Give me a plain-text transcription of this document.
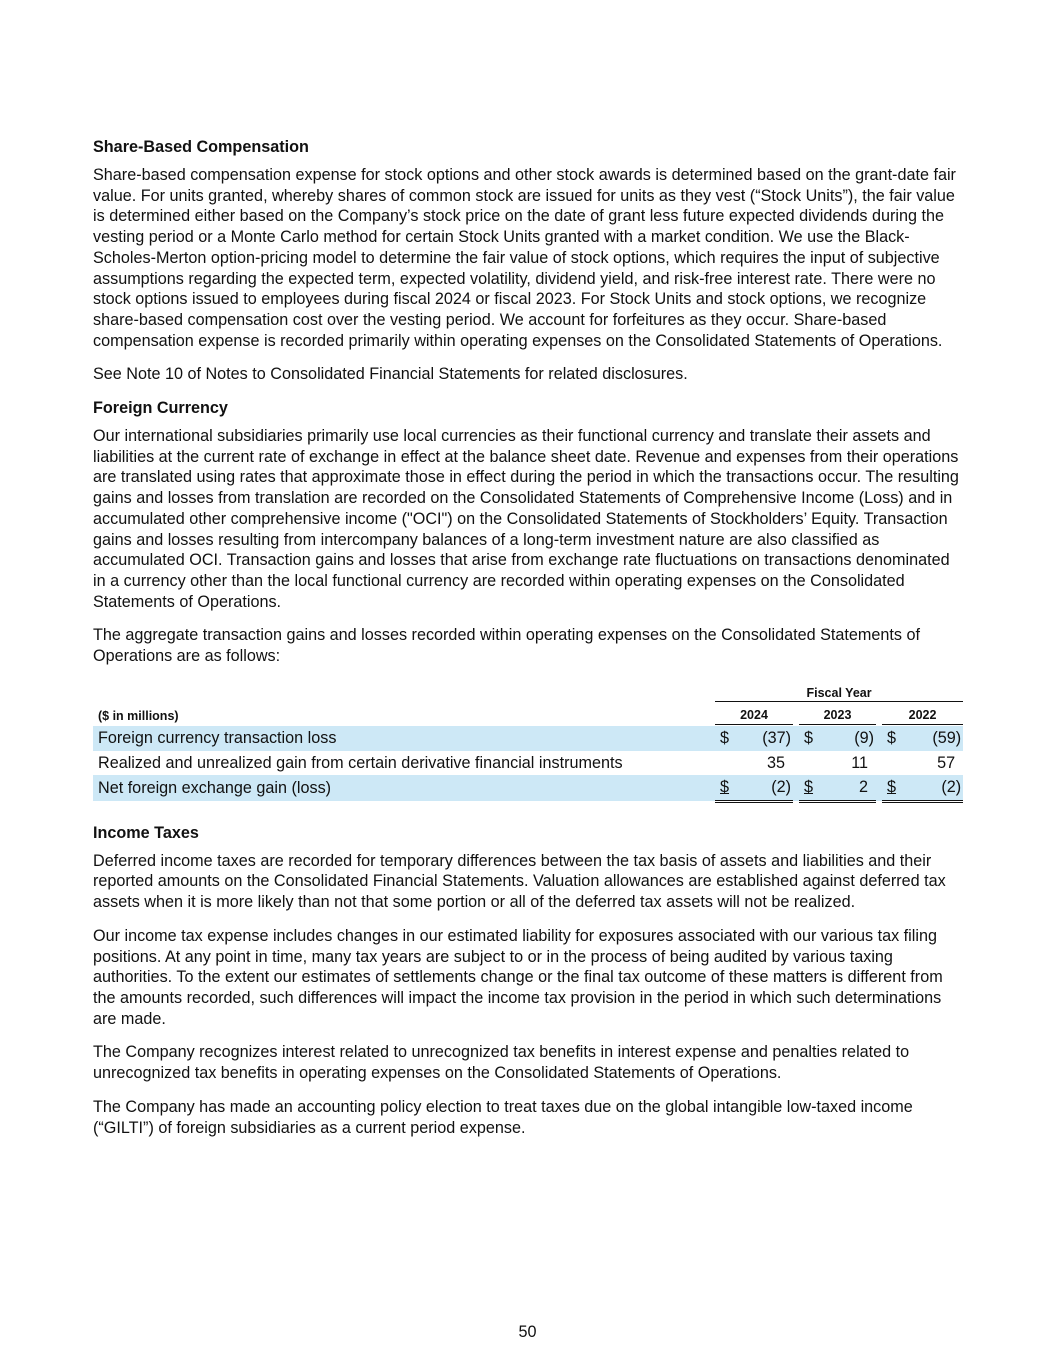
Share-Based Compensation

Share-based compensation expense for stock options and other stock awards is determined based on the grant-date fair value. For units granted, whereby shares of common stock are issued for units as they vest (“Stock Units”), the fair value is determined either based on the Company’s stock price on the date of grant less future expected dividends during the vesting period or a Monte Carlo method for certain Stock Units granted with a market condition. We use the Black-Scholes-Merton option-pricing model to determine the fair value of stock options, which requires the input of subjective assumptions regarding the expected term, expected volatility, dividend yield, and risk-free interest rate. There were no stock options issued to employees during fiscal 2024 or fiscal 2023. For Stock Units and stock options, we recognize share-based compensation cost over the vesting period. We account for forfeitures as they occur. Share-based compensation expense is recorded primarily within operating expenses on the Consolidated Statements of Operations.

See Note 10 of Notes to Consolidated Financial Statements for related disclosures.

Foreign Currency

Our international subsidiaries primarily use local currencies as their functional currency and translate their assets and liabilities at the current rate of exchange in effect at the balance sheet date. Revenue and expenses from their operations are translated using rates that approximate those in effect during the period in which the transactions occur. The resulting gains and losses from translation are recorded on the Consolidated Statements of Comprehensive Income (Loss) and in accumulated other comprehensive income ("OCI") on the Consolidated Statements of Stockholders’ Equity. Transaction gains and losses resulting from intercompany balances of a long-term investment nature are also classified as accumulated OCI. Transaction gains and losses that arise from exchange rate fluctuations on transactions denominated in a currency other than the local functional currency are recorded within operating expenses on the Consolidated Statements of Operations.

The aggregate transaction gains and losses recorded within operating expenses on the Consolidated Statements of Operations are as follows:

	Fiscal Year							

($ in millions)	2024			2023			2022	

Foreign currency transaction loss	$	(37)		$	(9)		$	(59)
Realized and unrealized gain from certain derivative financial instruments		35			11			57
Net foreign exchange gain (loss)	$	(2)		$	2		$	(2)
Income Taxes

Deferred income taxes are recorded for temporary differences between the tax basis of assets and liabilities and their reported amounts on the Consolidated Financial Statements. Valuation allowances are established against deferred tax assets when it is more likely than not that some portion or all of the deferred tax assets will not be realized.

Our income tax expense includes changes in our estimated liability for exposures associated with our various tax filing positions. At any point in time, many tax years are subject to or in the process of being audited by various taxing authorities. To the extent our estimates of settlements change or the final tax outcome of these matters is different from the amounts recorded, such differences will impact the income tax provision in the period in which such determinations are made.

The Company recognizes interest related to unrecognized tax benefits in interest expense and penalties related to unrecognized tax benefits in operating expenses on the Consolidated Statements of Operations.

The Company has made an accounting policy election to treat taxes due on the global intangible low-taxed income (“GILTI”) of foreign subsidiaries as a current period expense.

50
